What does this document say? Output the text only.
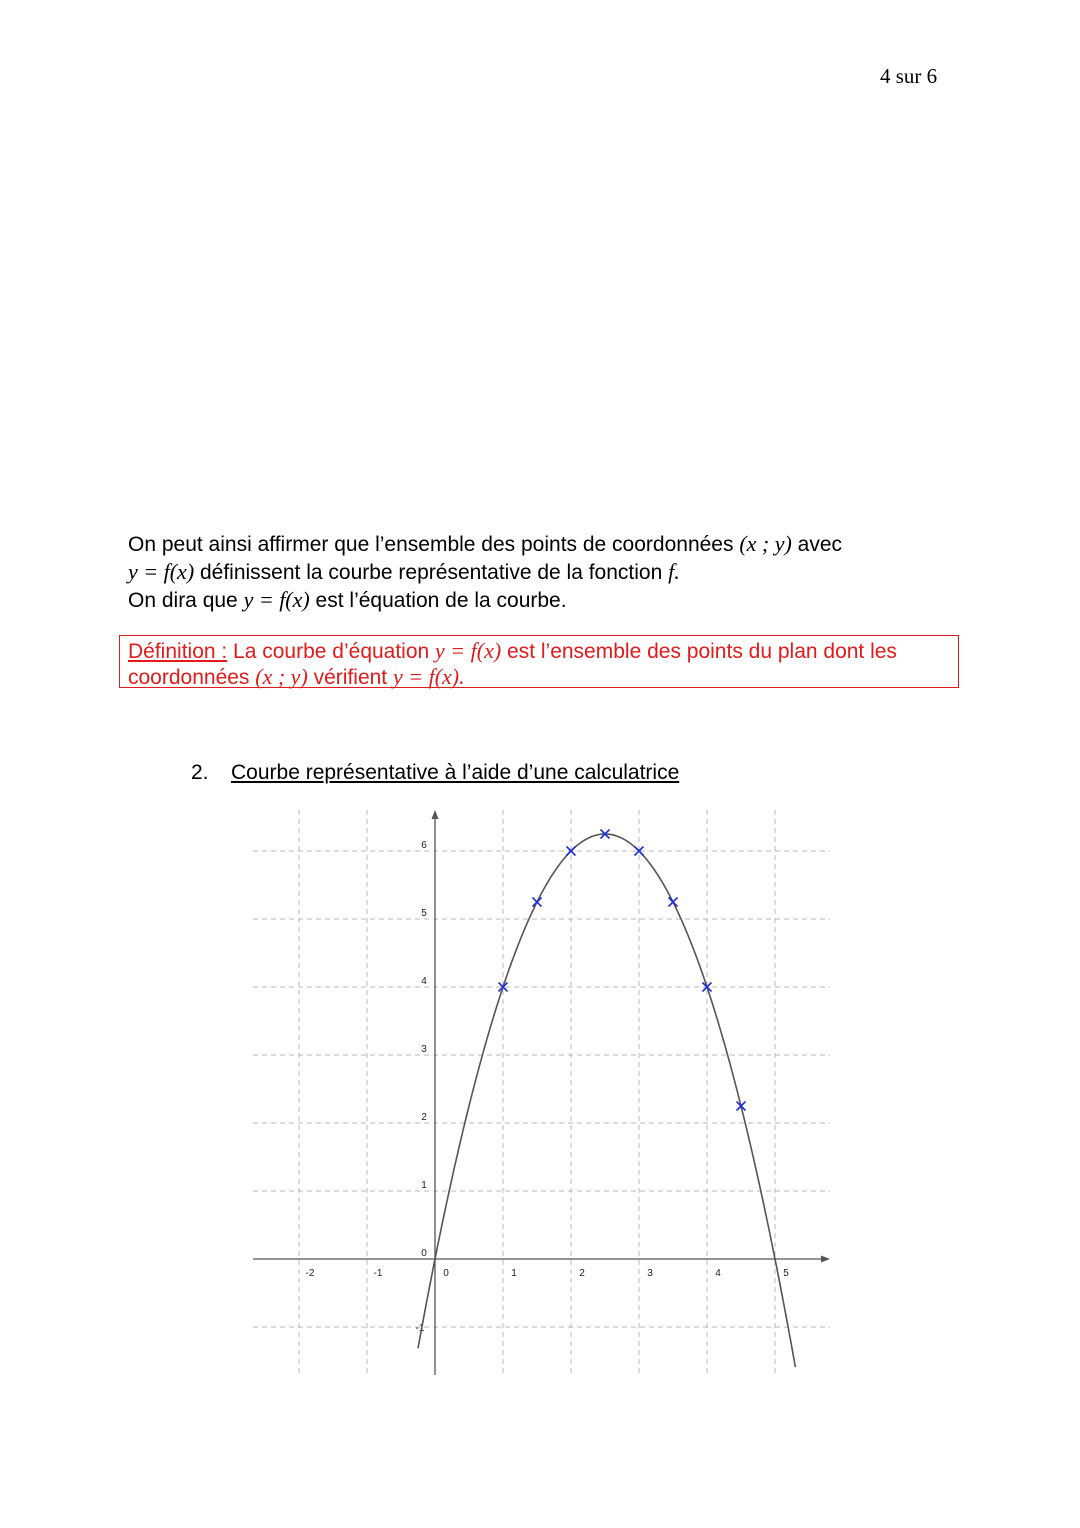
4 sur 6
On peut ainsi affirmer que l’ensemble des points de coordonnées (x ; y) avec
y = f(x) définissent la courbe représentative de la fonction f.
On dira que y = f(x) est l’équation de la courbe.
Définition : La courbe d’équation y = f(x) est l’ensemble des points du plan dont les
coordonnées (x ; y) vérifient y = f(x).
2. Courbe représentative à l’aide d’une calculatrice
-2	-1	0	1	2	3	4	5
0
1
2
3
4
5
6
-1
